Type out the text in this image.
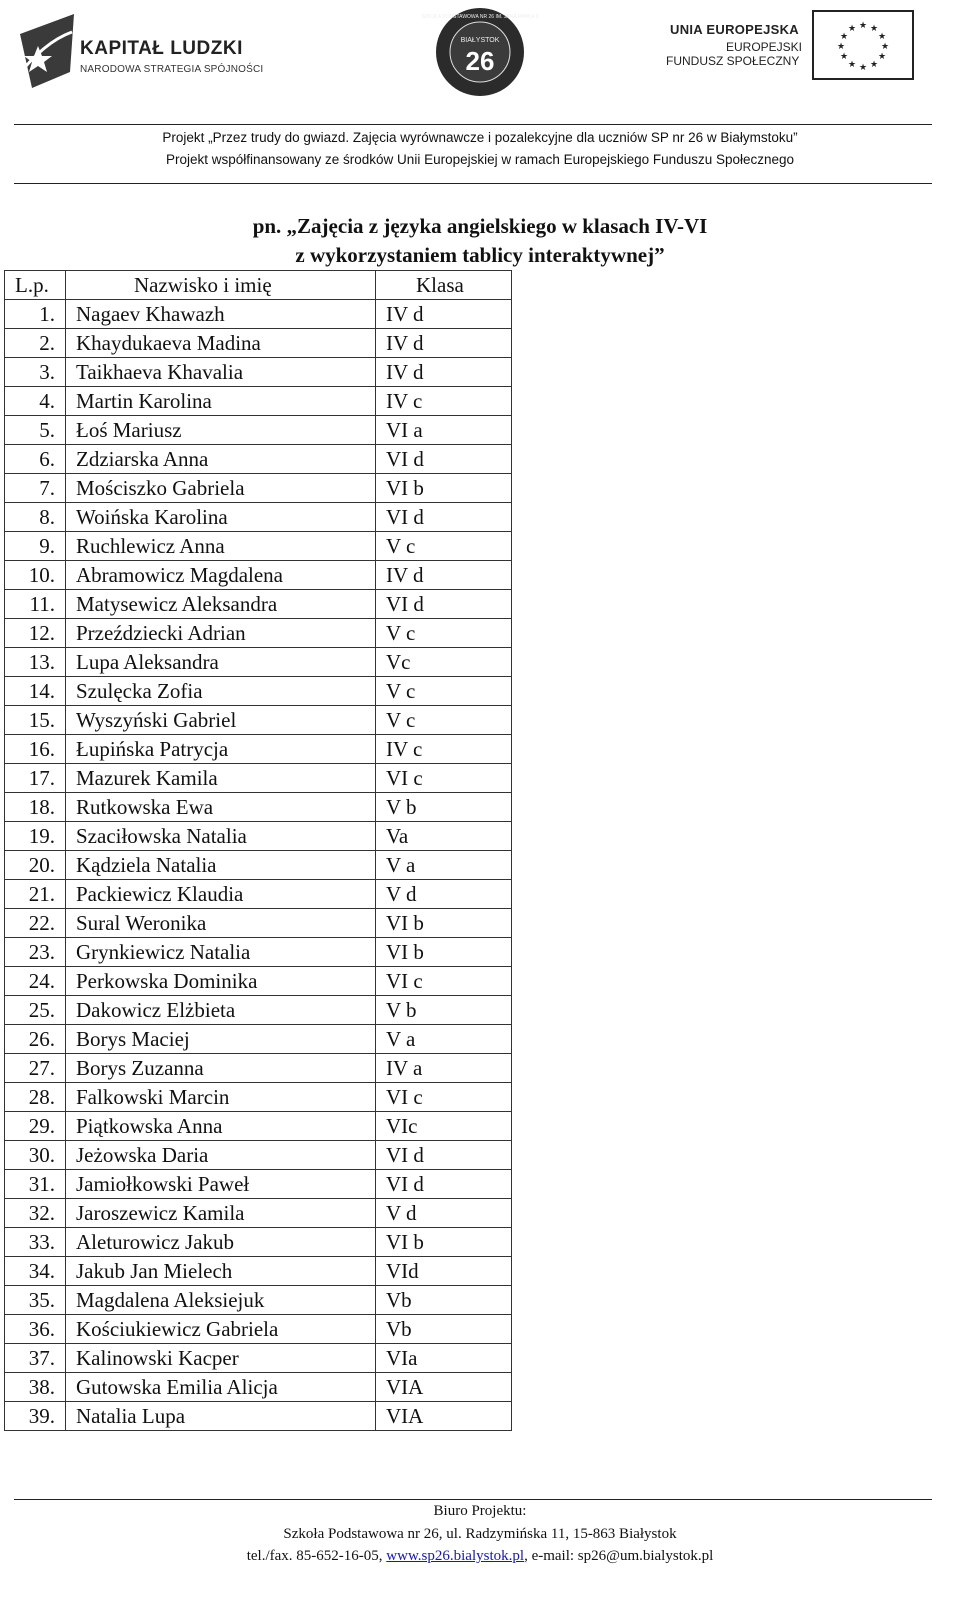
KAPITAŁ LUDZKI
NARODOWA STRATEGIA SPÓJNOŚCI
SZKOŁA PODSTAWOWA NR 26 IM. JANA PAWŁA II
BIAŁYSTOK
26
UNIA EUROPEJSKA
EUROPEJSKI
FUNDUSZ SPOŁECZNY
★ ★
★
★
★
★
★
★
★
★
★
★
Projekt „Przez trudy do gwiazd. Zajęcia wyrównawcze i pozalekcyjne dla uczniów SP nr 26 w Białymstoku”
Projekt współfinansowany ze środków Unii Europejskiej w ramach Europejskiego Funduszu Społecznego
pn. „Zajęcia z języka angielskiego w klasach IV-VI
z wykorzystaniem tablicy interaktywnej”
L.p.	Nazwisko i imię	Klasa
1.	Nagaev Khawazh	IV d
2.	Khaydukaeva Madina	IV d
3.	Taikhaeva Khavalia	IV d
4.	Martin Karolina	IV c
5.	Łoś Mariusz	VI a
6.	Zdziarska Anna	VI d
7.	Mościszko Gabriela	VI b
8.	Woińska Karolina	VI d
9.	Ruchlewicz Anna	V c
10.	Abramowicz Magdalena	IV d
11.	Matysewicz Aleksandra	VI d
12.	Przeździecki Adrian	V c
13.	Lupa Aleksandra	Vc
14.	Szulęcka Zofia	V c
15.	Wyszyński Gabriel	V c
16.	Łupińska Patrycja	IV c
17.	Mazurek Kamila	VI c
18.	Rutkowska Ewa	V b
19.	Szaciłowska Natalia	Va
20.	Kądziela Natalia	V a
21.	Packiewicz Klaudia	V d
22.	Sural Weronika	VI b
23.	Grynkiewicz Natalia	VI b
24.	Perkowska Dominika	VI c
25.	Dakowicz Elżbieta	V b
26.	Borys Maciej	V a
27.	Borys Zuzanna	IV a
28.	Falkowski Marcin	VI c
29.	Piątkowska Anna	VIc
30.	Jeżowska Daria	VI d
31.	Jamiołkowski Paweł	VI d
32.	Jaroszewicz Kamila	V d
33.	Aleturowicz Jakub	VI b
34.	Jakub Jan Mielech	VId
35.	Magdalena Aleksiejuk	Vb
36.	Kościukiewicz Gabriela	Vb
37.	Kalinowski Kacper	VIa
38.	Gutowska Emilia Alicja	VIA
39.	Natalia Lupa	VIA
Biuro Projektu:
Szkoła Podstawowa nr 26, ul. Radzymińska 11, 15-863 Białystok
tel./fax. 85-652-16-05, www.sp26.bialystok.pl, e-mail: sp26@um.bialystok.pl
